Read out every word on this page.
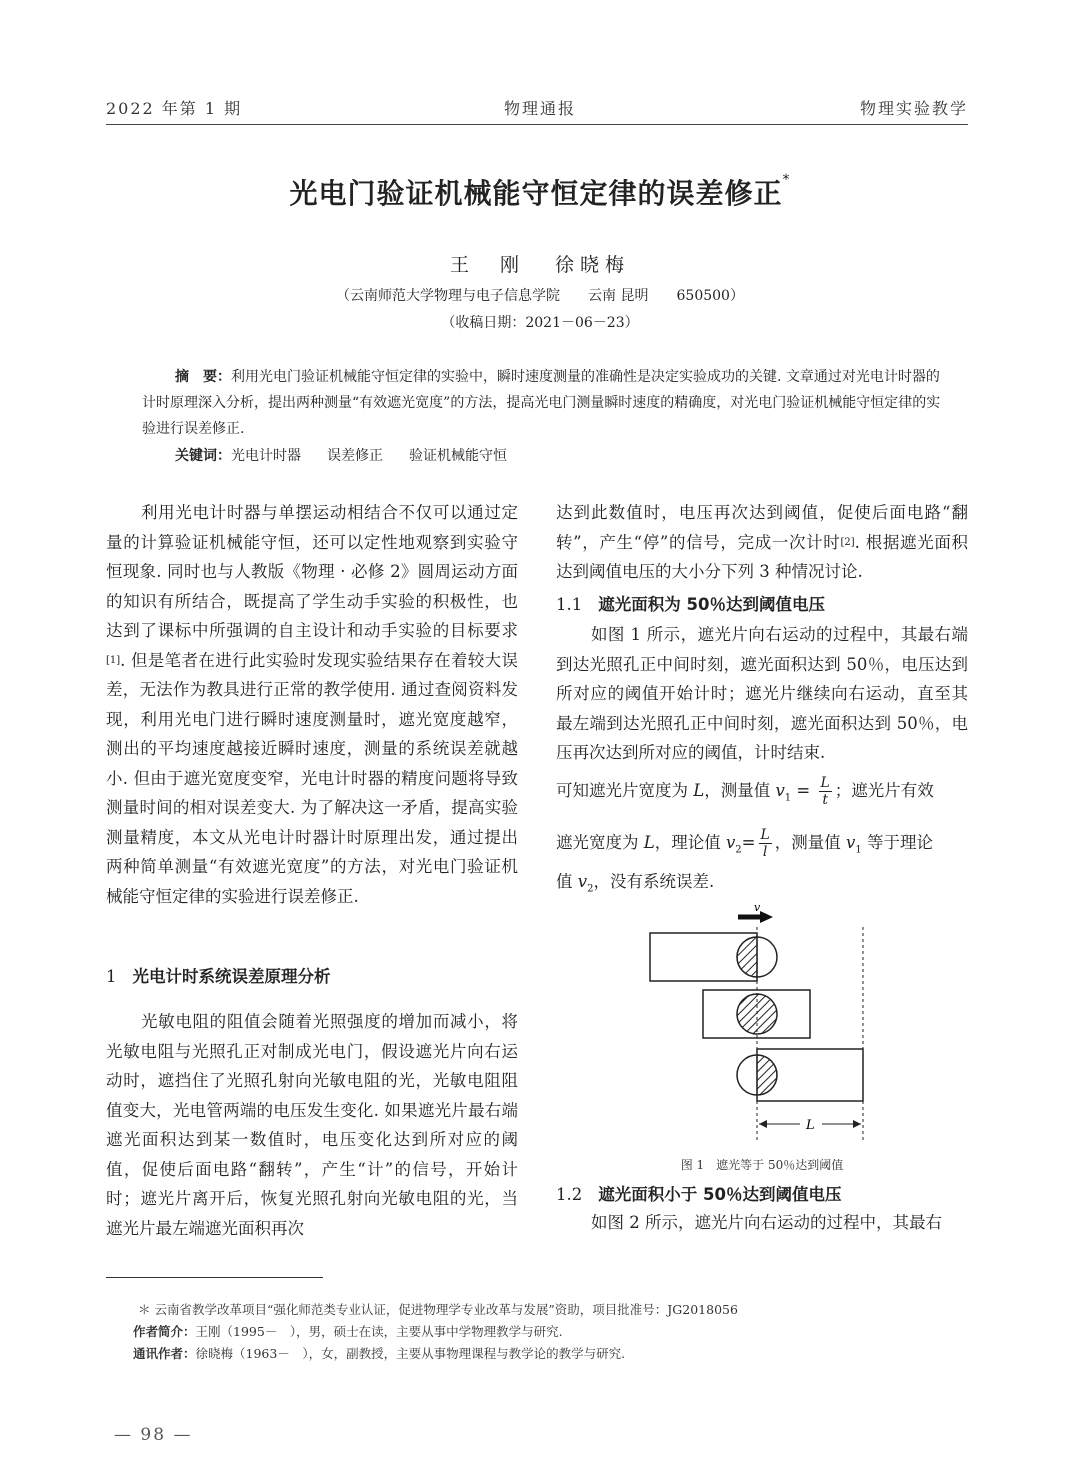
2022 年第 1 期	物理通报	物理实验教学
光电门验证机械能守恒定律的误差修正*
王　刚 徐晓梅
（云南师范大学物理与电子信息学院 云南 昆明 650500）
（收稿日期：2021－06－23）
摘　要：利用光电门验证机械能守恒定律的实验中，瞬时速度测量的准确性是决定实验成功的关键. 文章通过对光电计时器的计时原理深入分析，提出两种测量“有效遮光宽度”的方法，提高光电门测量瞬时速度的精确度，对光电门验证机械能守恒定律的实验进行误差修正.
关键词：光电计时器 误差修正 验证机械能守恒

利用光电计时器与单摆运动相结合不仅可以通过定量的计算验证机械能守恒，还可以定性地观察到实验守恒现象. 同时也与人教版《物理 · 必修 2》圆周运动方面的知识有所结合，既提高了学生动手实验的积极性，也达到了课标中所强调的自主设计和动手实验的目标要求[1]. 但是笔者在进行此实验时发现实验结果存在着较大误差，无法作为教具进行正常的教学使用. 通过查阅资料发现，利用光电门进行瞬时速度测量时，遮光宽度越窄，测出的平均速度越接近瞬时速度，测量的系统误差就越小. 但由于遮光宽度变窄，光电计时器的精度问题将导致测量时间的相对误差变大. 为了解决这一矛盾，提高实验测量精度，本文从光电计时器计时原理出发，通过提出两种简单测量“有效遮光宽度”的方法，对光电门验证机械能守恒定律的实验进行误差修正.

1 光电计时系统误差原理分析

光敏电阻的阻值会随着光照强度的增加而减小，将光敏电阻与光照孔正对制成光电门，假设遮光片向右运动时，遮挡住了光照孔射向光敏电阻的光，光敏电阻阻值变大，光电管两端的电压发生变化. 如果遮光片最右端遮光面积达到某一数值时，电压变化达到所对应的阈值，促使后面电路“翻转”，产生“计”的信号，开始计时；遮光片离开后，恢复光照孔射向光敏电阻的光，当遮光片最左端遮光面积再次

达到此数值时，电压再次达到阈值，促使后面电路“翻转”，产生“停”的信号，完成一次计时[2]. 根据遮光面积达到阈值电压的大小分下列 3 种情况讨论.

1.1 遮光面积为 50％达到阈值电压

如图 1 所示，遮光片向右运动的过程中，其最右端到达光照孔正中间时刻，遮光面积达到 50％，电压达到所对应的阈值开始计时；遮光片继续向右运动，直至其最左端到达光照孔正中间时刻，遮光面积达到 50％，电压再次达到所对应的阈值，计时结束.

可知遮光片宽度为 L，测量值 $v_1 = \frac{L}{t}$ ；遮光片有效
遮光宽度为 L，理论值 $v_2= \frac{L}{l}$ ，测量值 $v_1$ 等于理论
值 $v_2$，没有系统误差.
v
L
图 1　遮光等于 50％达到阈值
1.2 遮光面积小于 50％达到阈值电压

如图 2 所示，遮光片向右运动的过程中，其最右

＊ 云南省教学改革项目“强化师范类专业认证，促进物理学专业改革与发展”资助，项目批准号：JG2018056
作者简介：王刚（1995－　），男，硕士在读，主要从事中学物理教学与研究.
通讯作者：徐晓梅（1963－　），女，副教授，主要从事物理课程与教学论的教学与研究.
— 98 —
